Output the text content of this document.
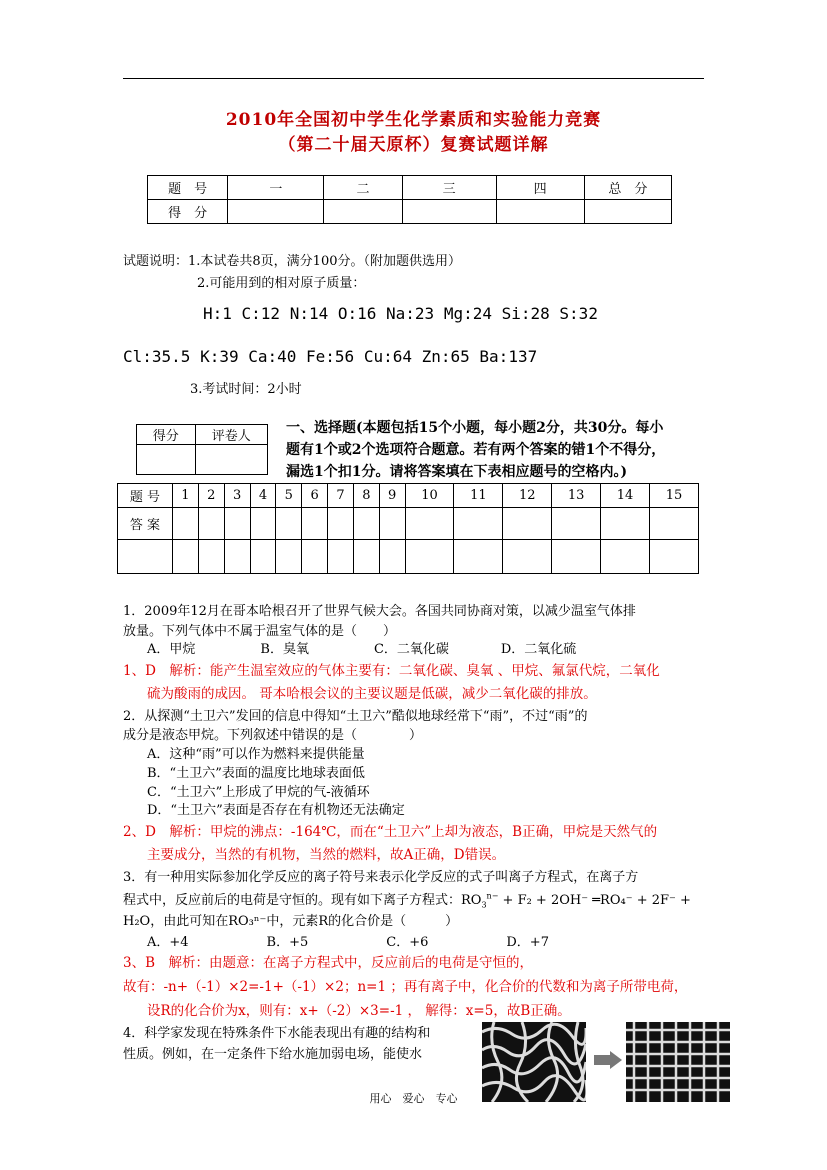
2010年全国初中学生化学素质和实验能力竞赛
（第二十届天原杯）复赛试题详解
题　号	一	二	三	四	总　分
得　分					
试题说明：1.本试卷共8页，满分100分。（附加题供选用）
2.可能用到的相对原子质量：
H:1 C:12 N:14 O:16 Na:23 Mg:24 Si:28 S:32
Cl:35.5 K:39 Ca:40 Fe:56 Cu:64 Zn:65 Ba:137
3.考试时间：2小时
得分	评卷人

一、选择题(本题包括15个小题，每小题2分，共30分。每小
题有1个或2个选项符合题意。若有两个答案的错1个不得分，
漏选1个扣1分。请将答案填在下表相应题号的空格内。)
题 号	1	2	3	4	5	6	7	8	9	10	11	12	13	14	15
答 案															

1．2009年12月在哥本哈根召开了世界气候大会。各国共同协商对策，以减少温室气体排
放量。下列气体中不属于温室气体的是（　　）
A．甲烷　　　　　B．臭氧　　　　　C．二氧化碳　　　　D．二氧化硫
1、D　解析：能产生温室效应的气体主要有：二氧化碳、臭氧 、甲烷、氟氯代烷，二氧化
硫为酸雨的成因。 哥本哈根会议的主要议题是低碳，减少二氧化碳的排放。
2．从探测“土卫六”发回的信息中得知“土卫六”酷似地球经常下“雨”，不过“雨”的
成分是液态甲烷。下列叙述中错误的是（　　　　）
A．这种“雨”可以作为燃料来提供能量
B．“土卫六”表面的温度比地球表面低
C．“土卫六”上形成了甲烷的气-液循环
D．“土卫六”表面是否存在有机物还无法确定
2、D　解析：甲烷的沸点：-164℃，而在“土卫六”上却为液态，B正确，甲烷是天然气的
主要成分，当然的有机物，当然的燃料，故A正确，D错误。
3．有一种用实际参加化学反应的离子符号来表示化学反应的式子叫离子方程式，在离子方
程式中，反应前后的电荷是守恒的。现有如下离子方程式：$RO_3^{n-} + F_2 + 2OH^-$ ═RO₄⁻ + 2F⁻ +
H₂O，由此可知在RO₃ⁿ⁻中，元素R的化合价是（　　　）
A．+4　　　　　　B．+5　　　　　　C．+6　　　　　　D．+7
3、B　解析：由题意：在离子方程式中，反应前后的电荷是守恒的，
故有：-n+（-1）×2=-1+（-1）×2；n=1 ；再有离子中，化合价的代数和为离子所带电荷，
设R的化合价为x，则有：x+（-2）×3=-1 ， 解得：x=5，故B正确。
4．科学家发现在特殊条件下水能表现出有趣的结构和
性质。例如，在一定条件下给水施加弱电场，能使水
用心　爱心　专心
